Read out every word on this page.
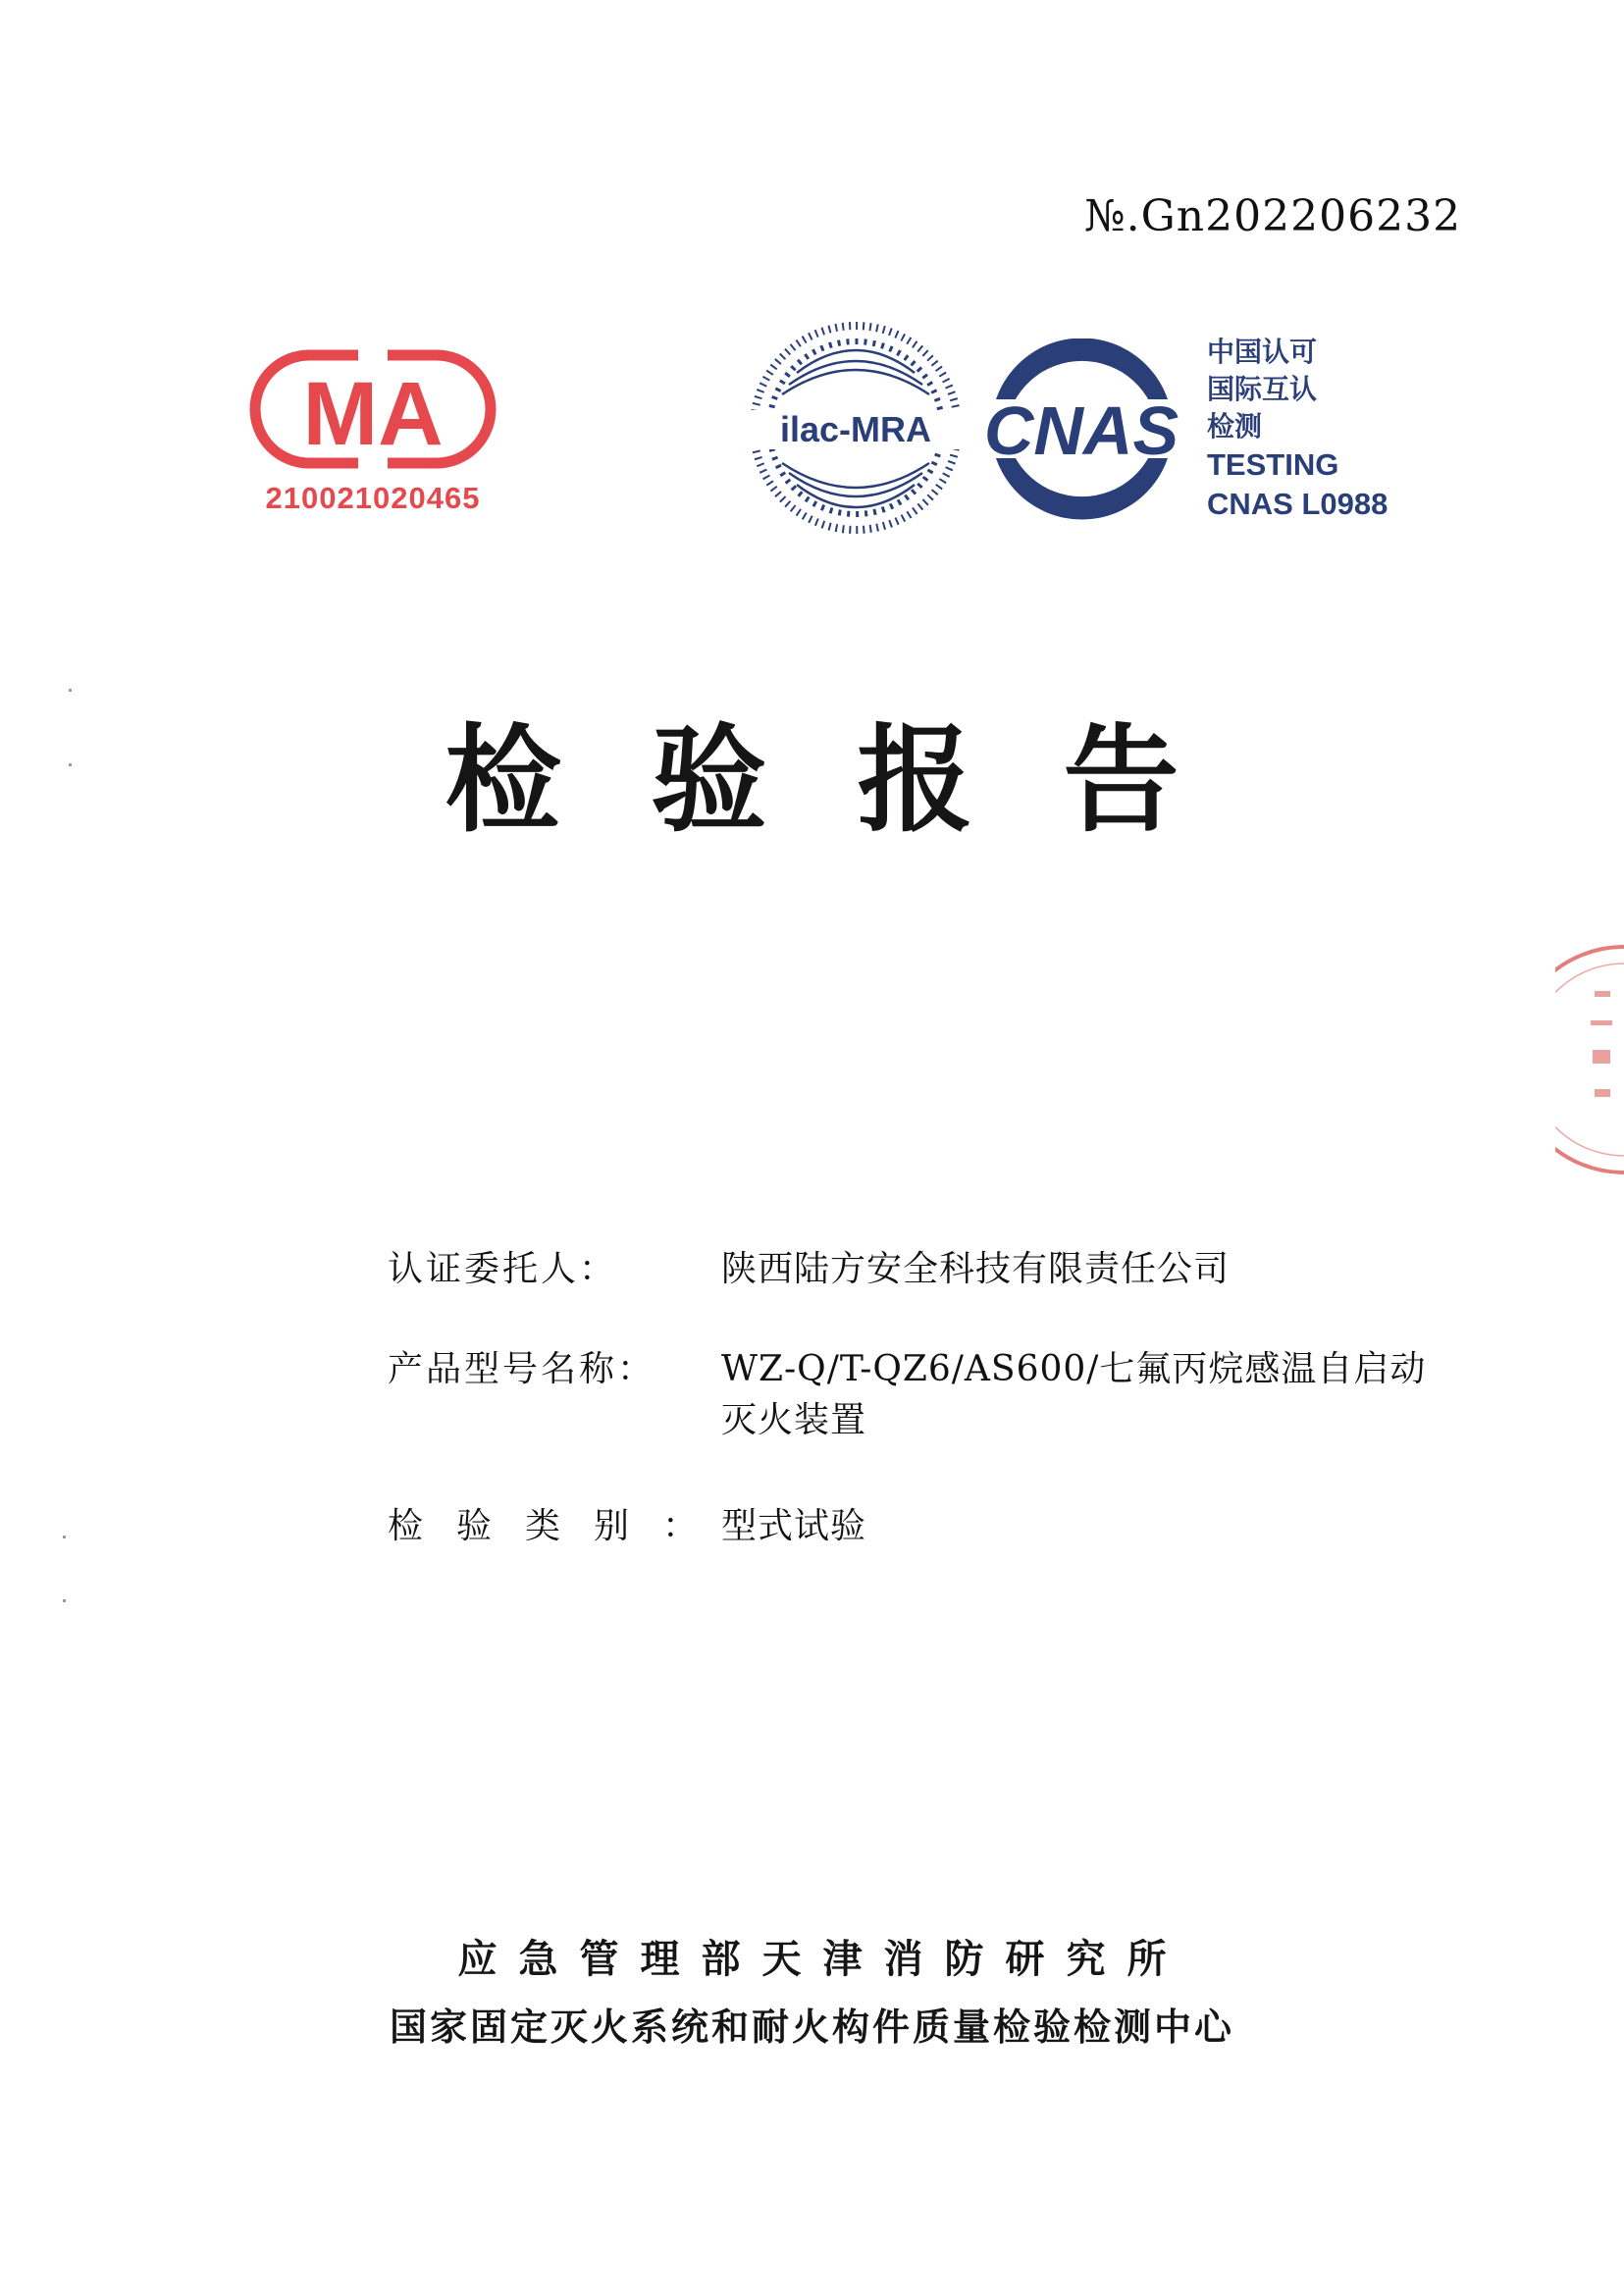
№.Gn202206232
MA
210021020465
ilac-MRA CNAS
中国认可
国际互认
检测
TESTING
CNAS L0988
检验报告
认证委托人：	陕西陆方安全科技有限责任公司
产品型号名称：	WZ-Q/T-QZ6/AS600/七氟丙烷感温自启动
灭火装置
检验类别：
型式试验
应急管理部天津消防研究所
国家固定灭火系统和耐火构件质量检验检测中心
